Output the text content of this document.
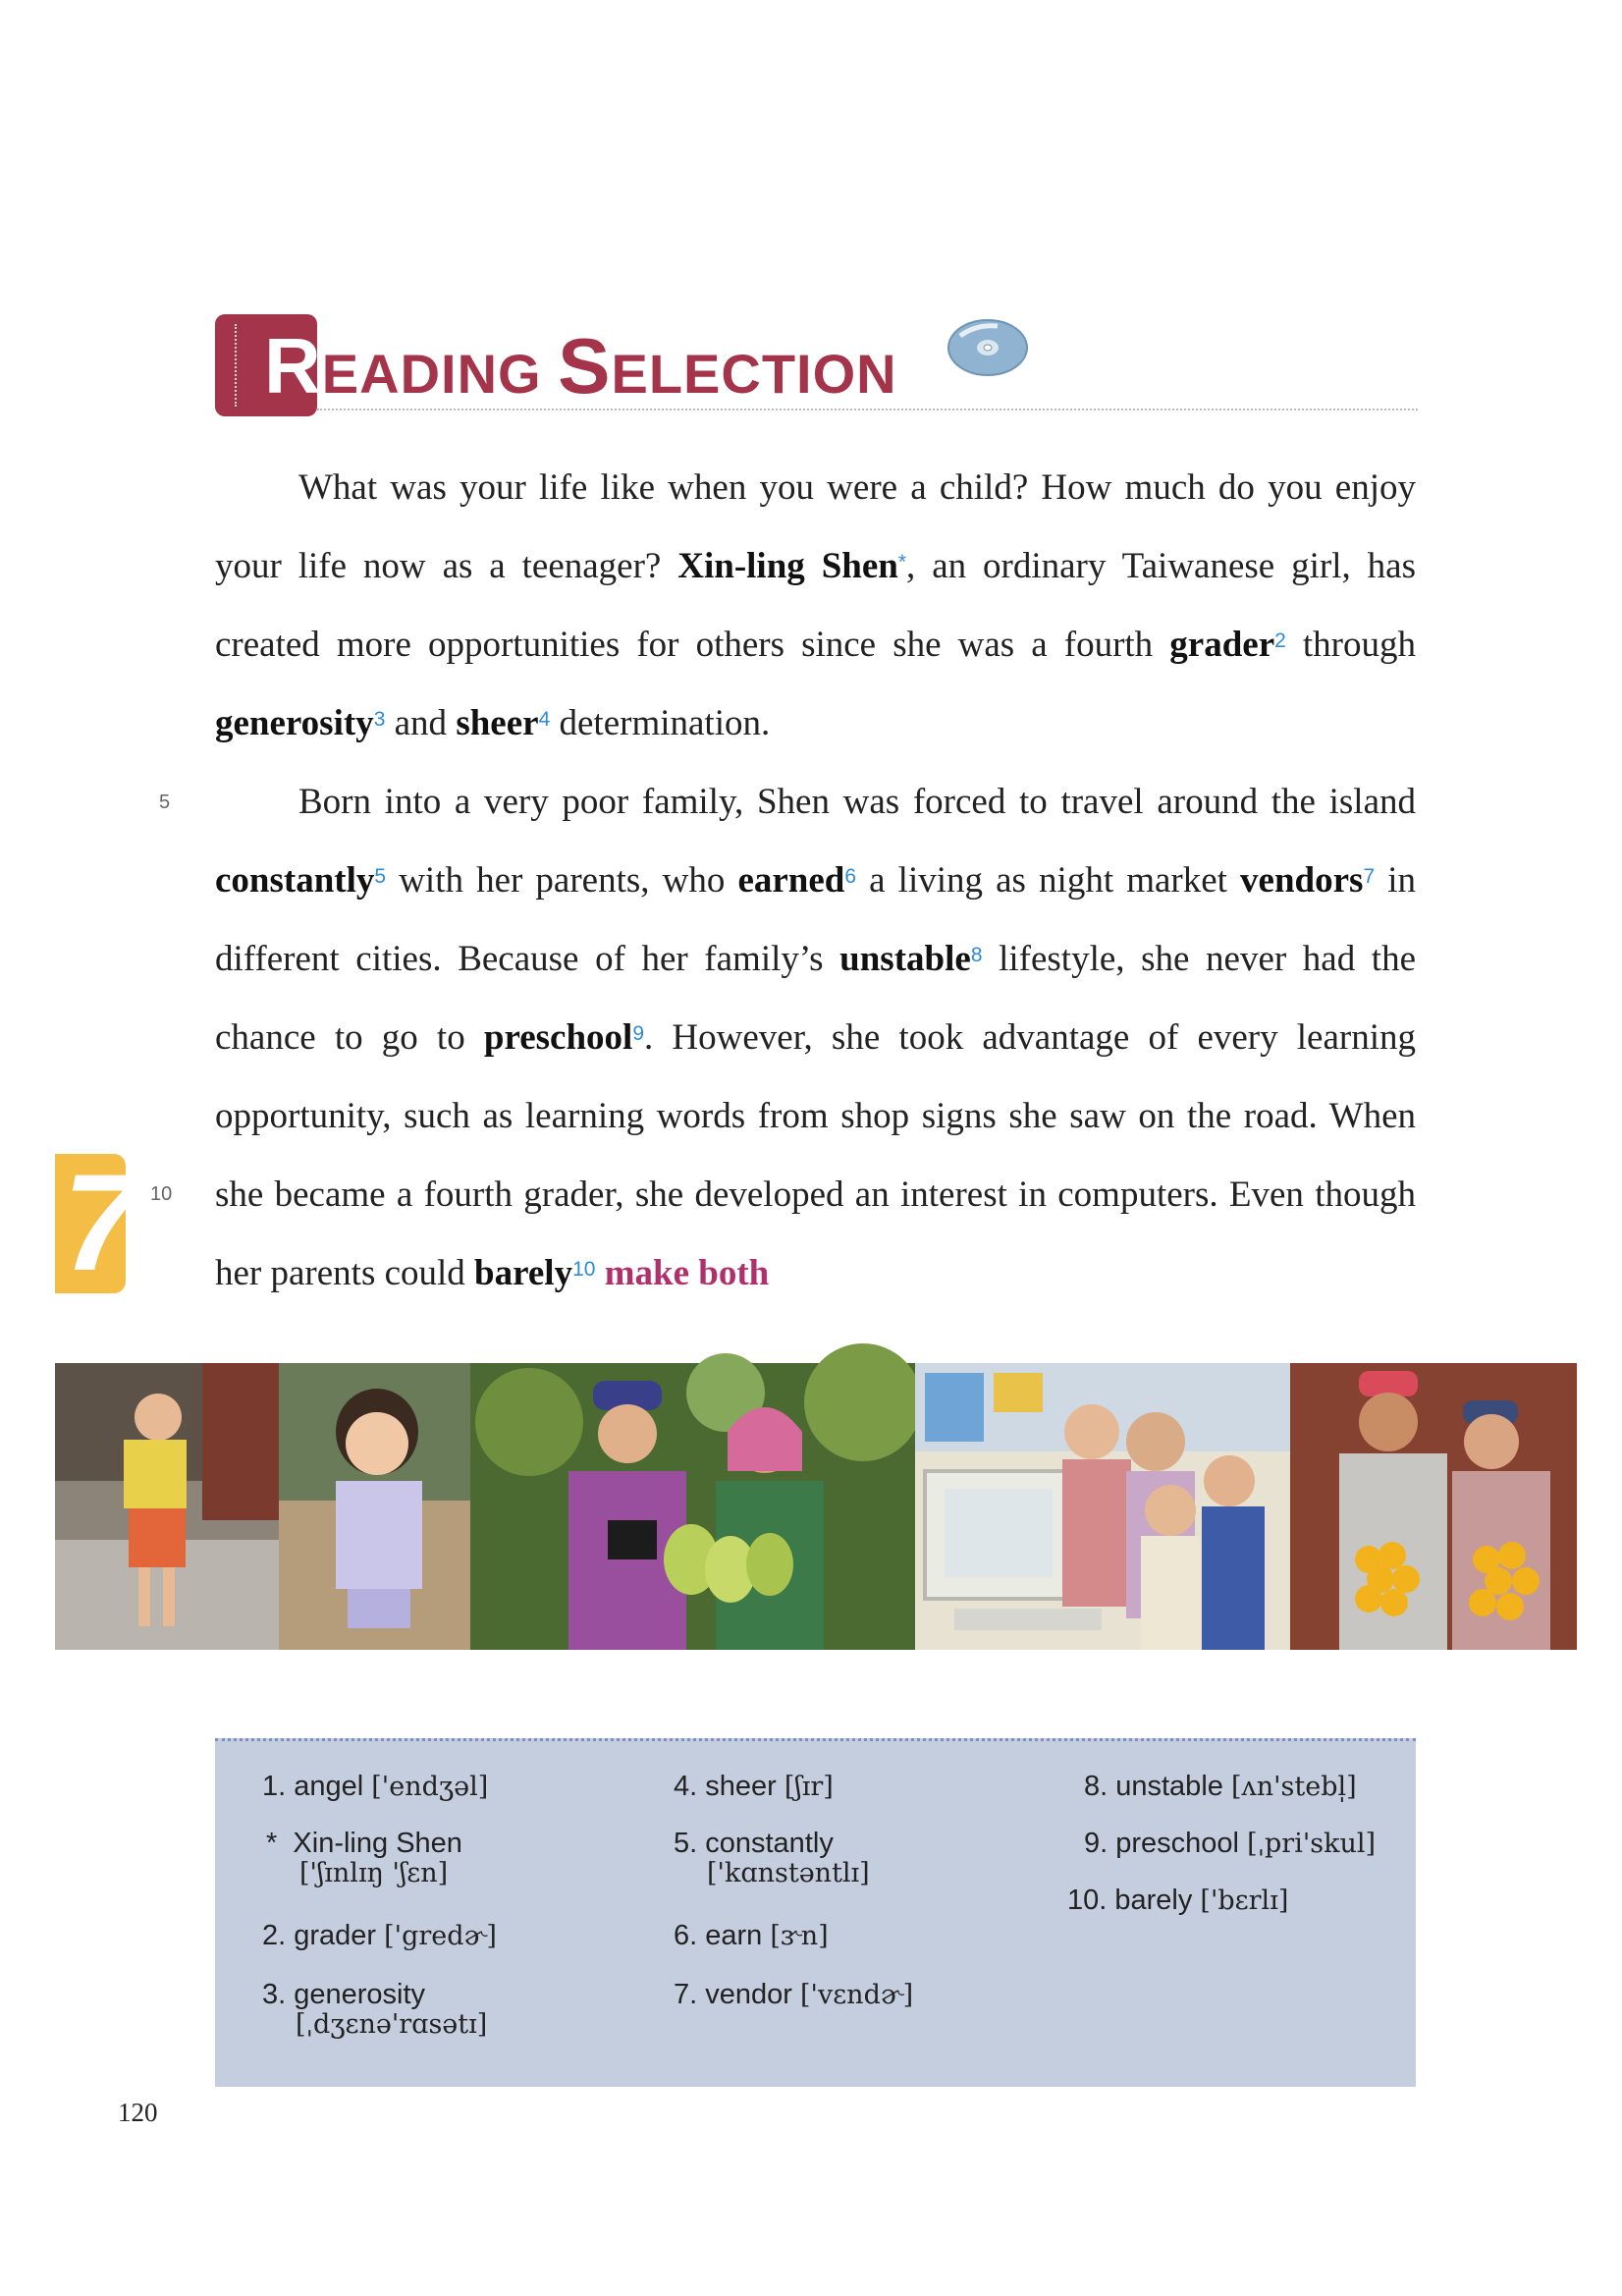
READING SELECTION

What was your life like when you were a child? How much do you enjoy your life now as a teenager? Xin-ling Shen*, an ordinary Taiwanese girl, has created more opportunities for others since she was a fourth grader$^2$ through generosity$^3$ and sheer$^4$ determination.

Born into a very poor family, Shen was forced to travel around the island constantly$^5$ with her parents, who earned$^6$ a living as night market vendors$^7$ in different cities. Because of her family’s unstable$^8$ lifestyle, she never had the chance to go to preschool$^9$. However, she took advantage of every learning opportunity, such as learning words from shop signs she saw on the road. When she became a fourth grader, she developed an interest in computers. Even though her parents could barely$^{10}$ make both

5
10
7
1. angel ['endʒəl]
* Xin-ling Shen
['ʃɪnlɪŋ 'ʃɛn]
2. grader ['gredɚ]
3. generosity
[ˌdʒɛnə'rɑsətɪ]
4. sheer [ʃɪr]
5. constantly
['kɑnstəntlɪ]
6. earn [ɝn]
7. vendor ['vɛndɚ]
8. unstable [ʌn'stebl̩]
9. preschool [ˌpri'skul]
10. barely ['bɛrlɪ]
120
